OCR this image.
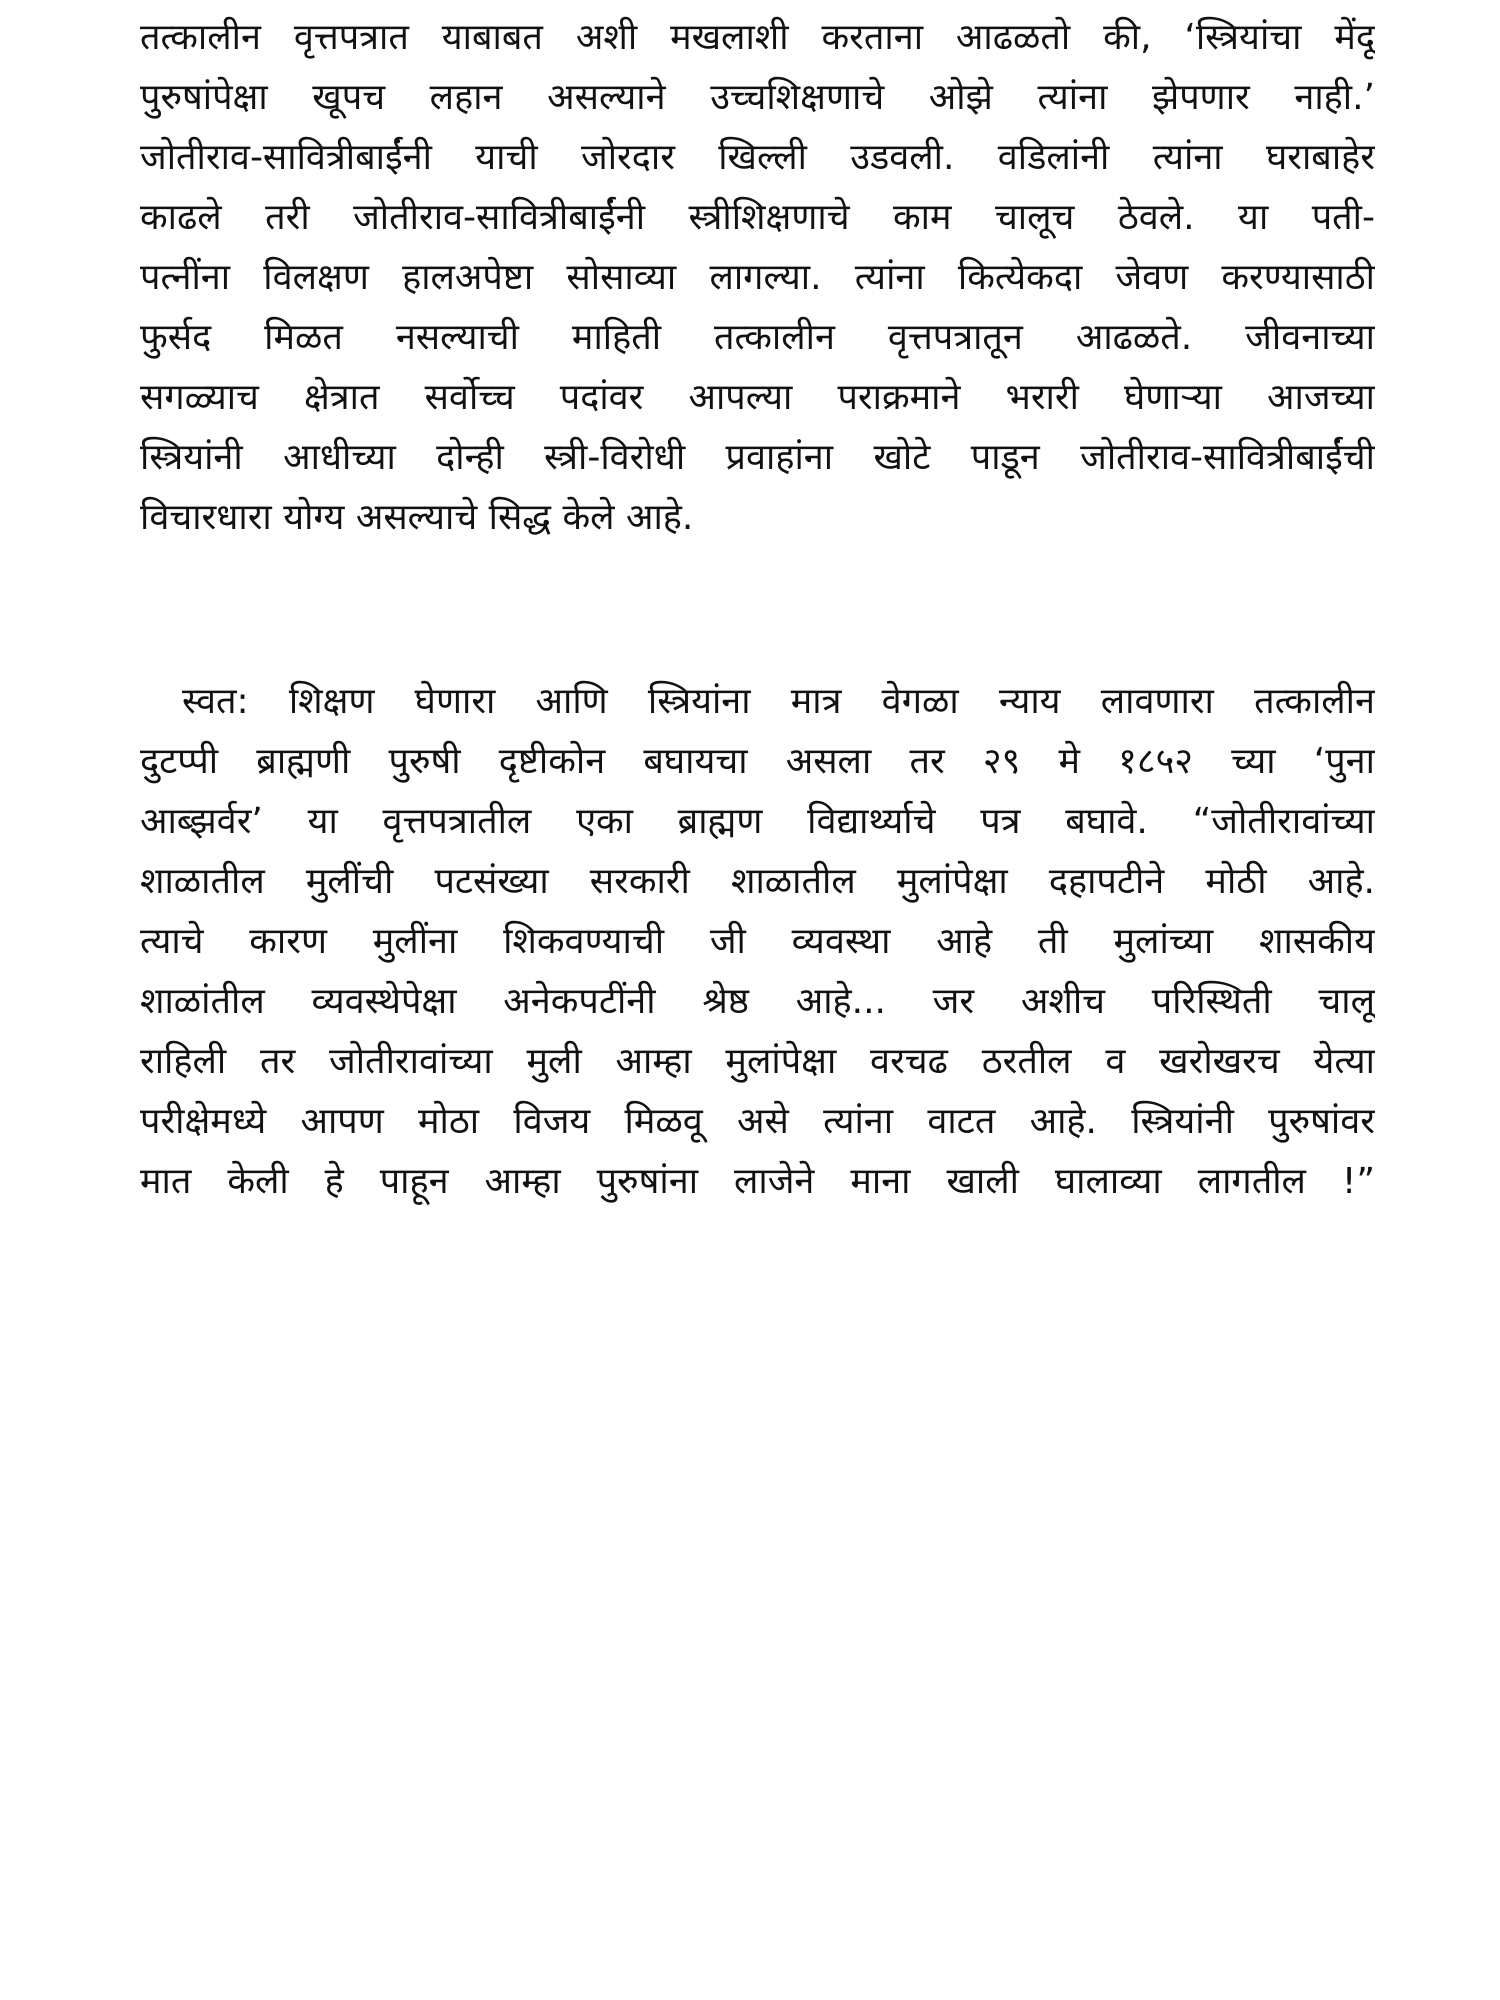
तत्कालीन वृत्तपत्रात याबाबत अशी मखलाशी करताना आढळतो की, ‘स्त्रियांचा मेंदू
पुरुषांपेक्षा खूपच लहान असल्याने उच्चशिक्षणाचे ओझे त्यांना झेपणार नाही.’
जोतीराव-सावित्रीबाईंनी याची जोरदार खिल्ली उडवली. वडिलांनी त्यांना घराबाहेर
काढले तरी जोतीराव-सावित्रीबाईंनी स्त्रीशिक्षणाचे काम चालूच ठेवले. या पती-
पत्नींना विलक्षण हालअपेष्टा सोसाव्या लागल्या. त्यांना कित्येकदा जेवण करण्यासाठी
फुर्सद मिळत नसल्याची माहिती तत्कालीन वृत्तपत्रातून आढळते. जीवनाच्या
सगळ्याच क्षेत्रात सर्वोच्च पदांवर आपल्या पराक्रमाने भरारी घेणाऱ्या आजच्या
स्त्रियांनी आधीच्या दोन्ही स्त्री-विरोधी प्रवाहांना खोटे पाडून जोतीराव-सावित्रीबाईंची
विचारधारा योग्य असल्याचे सिद्ध केले आहे.
स्वत: शिक्षण घेणारा आणि स्त्रियांना मात्र वेगळा न्याय लावणारा तत्कालीन
दुटप्पी ब्राह्मणी पुरुषी दृष्टीकोन बघायचा असला तर २९ मे १८५२ च्या ‘पुना
आब्झर्वर’ या वृत्तपत्रातील एका ब्राह्मण विद्यार्थ्याचे पत्र बघावे. “जोतीरावांच्या
शाळातील मुलींची पटसंख्या सरकारी शाळातील मुलांपेक्षा दहापटीने मोठी आहे.
त्याचे कारण मुलींना शिकवण्याची जी व्यवस्था आहे ती मुलांच्या शासकीय
शाळांतील व्यवस्थेपेक्षा अनेकपटींनी श्रेष्ठ आहे... जर अशीच परिस्थिती चालू
राहिली तर जोतीरावांच्या मुली आम्हा मुलांपेक्षा वरचढ ठरतील व खरोखरच येत्या
परीक्षेमध्ये आपण मोठा विजय मिळवू असे त्यांना वाटत आहे. स्त्रियांनी पुरुषांवर
मात केली हे पाहून आम्हा पुरुषांना लाजेने माना खाली घालाव्या लागतील !”
